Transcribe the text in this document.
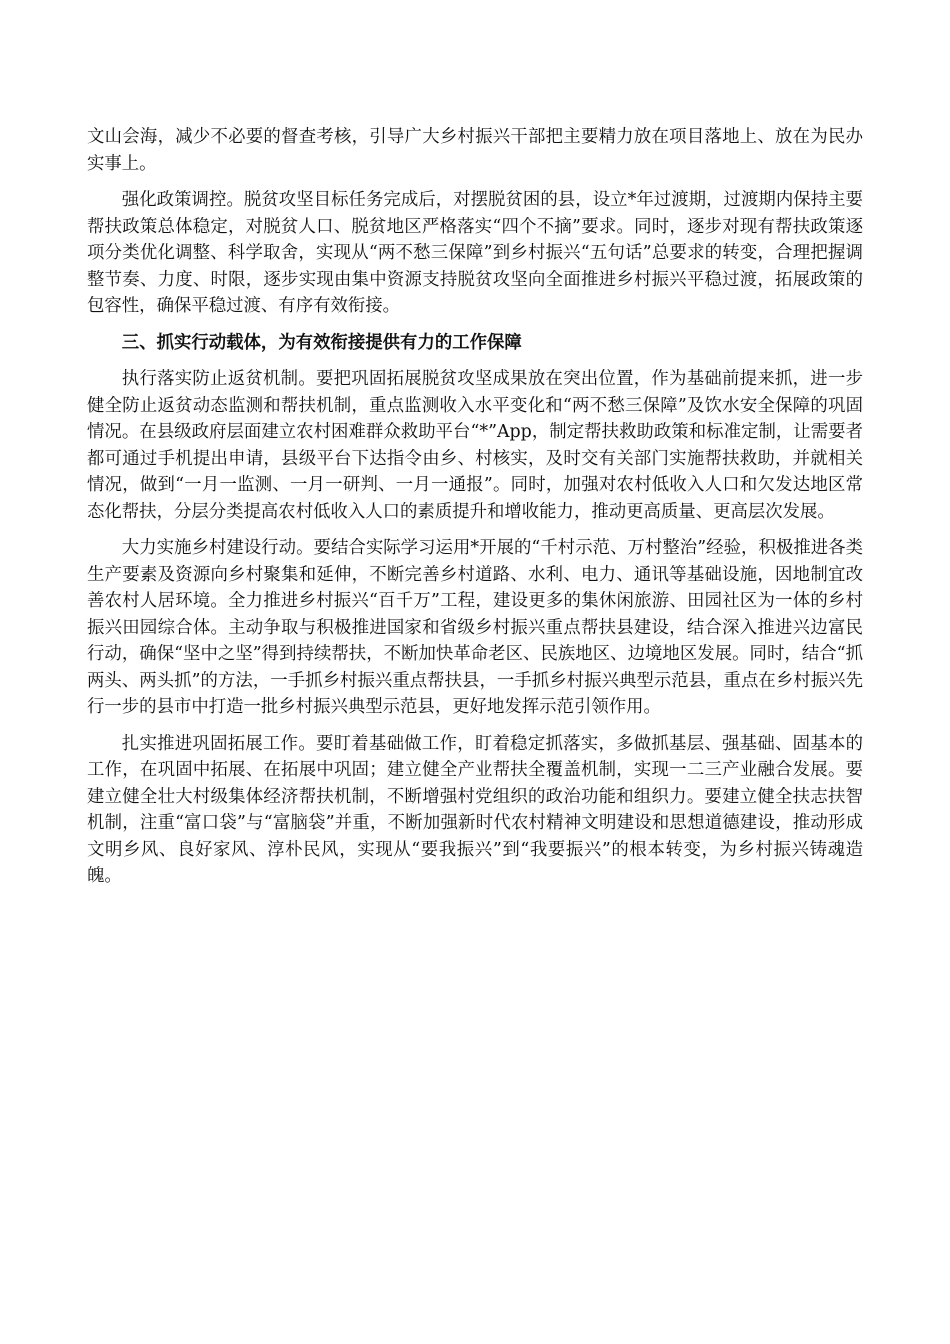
文山会海，减少不必要的督查考核，引导广大乡村振兴干部把主要精力放在项目落地上、放在为民办实事上。

强化政策调控。脱贫攻坚目标任务完成后，对摆脱贫困的县，设立*年过渡期，过渡期内保持主要帮扶政策总体稳定，对脱贫人口、脱贫地区严格落实“四个不摘”要求。同时，逐步对现有帮扶政策逐项分类优化调整、科学取舍，实现从“两不愁三保障”到乡村振兴“五句话”总要求的转变，合理把握调整节奏、力度、时限，逐步实现由集中资源支持脱贫攻坚向全面推进乡村振兴平稳过渡，拓展政策的包容性，确保平稳过渡、有序有效衔接。

三、抓实行动载体，为有效衔接提供有力的工作保障

执行落实防止返贫机制。要把巩固拓展脱贫攻坚成果放在突出位置，作为基础前提来抓，进一步健全防止返贫动态监测和帮扶机制，重点监测收入水平变化和“两不愁三保障”及饮水安全保障的巩固情况。在县级政府层面建立农村困难群众救助平台“*”App，制定帮扶救助政策和标准定制，让需要者都可通过手机提出申请，县级平台下达指令由乡、村核实，及时交有关部门实施帮扶救助，并就相关情况，做到“一月一监测、一月一研判、一月一通报”。同时，加强对农村低收入人口和欠发达地区常态化帮扶，分层分类提高农村低收入人口的素质提升和增收能力，推动更高质量、更高层次发展。

大力实施乡村建设行动。要结合实际学习运用*开展的“千村示范、万村整治”经验，积极推进各类生产要素及资源向乡村聚集和延伸，不断完善乡村道路、水利、电力、通讯等基础设施，因地制宜改善农村人居环境。全力推进乡村振兴“百千万”工程，建设更多的集休闲旅游、田园社区为一体的乡村振兴田园综合体。主动争取与积极推进国家和省级乡村振兴重点帮扶县建设，结合深入推进兴边富民行动，确保“坚中之坚”得到持续帮扶，不断加快革命老区、民族地区、边境地区发展。同时，结合“抓两头、两头抓”的方法，一手抓乡村振兴重点帮扶县，一手抓乡村振兴典型示范县，重点在乡村振兴先行一步的县市中打造一批乡村振兴典型示范县，更好地发挥示范引领作用。

扎实推进巩固拓展工作。要盯着基础做工作，盯着稳定抓落实，多做抓基层、强基础、固基本的工作，在巩固中拓展、在拓展中巩固；建立健全产业帮扶全覆盖机制，实现一二三产业融合发展。要建立健全壮大村级集体经济帮扶机制，不断增强村党组织的政治功能和组织力。要建立健全扶志扶智机制，注重“富口袋”与“富脑袋”并重，不断加强新时代农村精神文明建设和思想道德建设，推动形成文明乡风、良好家风、淳朴民风，实现从“要我振兴”到“我要振兴”的根本转变，为乡村振兴铸魂造魄。
